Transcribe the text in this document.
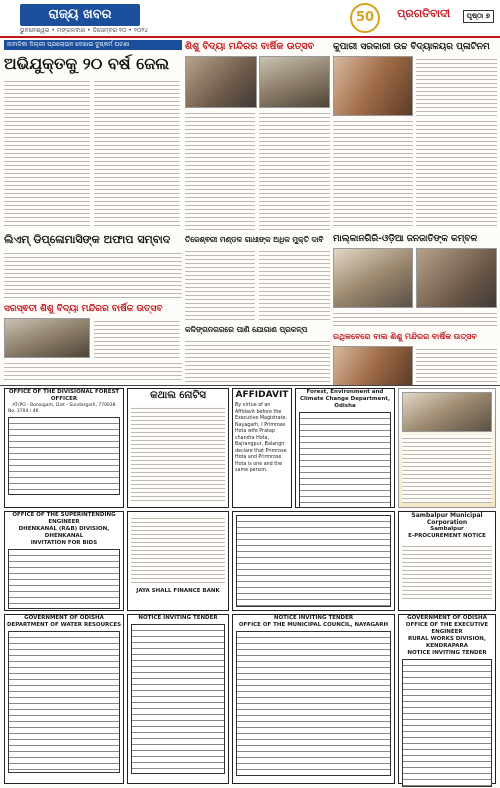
ରାଜ୍ୟ ଖବର
ଭୁବନେଶ୍ୱର • ମଙ୍ଗଳବାର • ଡିସେମ୍ବର ୧୦ • ୨୦୨୪
50	ପ୍ରଗତିବାଦୀ	ପୃଷ୍ଠା ୭
ନାବାଳିକା ଦିଲ୍ଲୀ ପ୍ରଲୋଭନ ଦେଖାଇ ଦୁଷ୍କର୍ମ ଘଟଣା
ଅଭିଯୁକ୍ତକୁ ୨୦ ବର୍ଷ ଜେଲ
ଲିଏମ୍ ଡିପ୍ଳୋମାସିଙ୍କ ଅଫାପ ସମ୍ବାଦ
ଶିଶୁ ବିଦ୍ୟା ମନ୍ଦିରର ବାର୍ଷିକ ଉତ୍ସବ	କୁପାରୀ ସରକାରୀ ଉଚ୍ଚ ବିଦ୍ୟାଳୟର ପ୍ଳାଟିନମ
ତିଜେଶ୍ଵରୀ ମଣ୍ଡଳ ଗାଧୀଙ୍କ ଅଧିକ ମୁକ୍ତି ଦାବି	ମାଲ୍କାନଗିରି-ଓଡ଼ିଆ ଜନଜାତିଙ୍କ କମ୍ବଳ
ସରସ୍ଵତୀ ଶିଶୁ ବିଦ୍ୟା ମନ୍ଦିରର ବାର୍ଷିକ ଉତ୍ସବ
କଳିଙ୍ଗନଗରରେ ପାଣି ଯୋଗାଣ ପ୍ରକଳ୍ପ
ରଥିକବେରେ ବାଲ ଶିଶୁ ମନ୍ଦିରର ବାର୍ଷିକ ଉତ୍ସବ
OFFICE OF THE DIVISIONAL FOREST OFFICER
AT/PO - Bonaigarh, Dist - Sundargarh, 770038
No. 3704 / 4K
କଥାଲ ନୋଟିସ	AFFIDAVIT
By virtue of an Affidavit before the Executive Magistrate, Nayagarh, I Primrose Hota wife Pratap chandra Hota, Bajrangpur, Balangir declare that Primrose Hota and Prirmrose Hota is one and the same person.
Forest, Environment and Climate Change Department, Odisha
OFFICE OF THE SUPERINTENDING ENGINEER
DHENKANAL (R&B) DIVISION, DHENKANAL
INVITATION FOR BIDS
JAYA SHALL FINANCE BANK
Sambalpur Municipal Corporation
Sambalpur
E-PROCUREMENT NOTICE
GOVERNMENT OF ODISHA
DEPARTMENT OF WATER RESOURCES
NOTICE INVITING TENDER	NOTICE INVITING TENDER
OFFICE OF THE MUNICIPAL COUNCIL, NAYAGARH
GOVERNMENT OF ODISHA
OFFICE OF THE EXECUTIVE ENGINEER
RURAL WORKS DIVISION, KENDRAPARA
NOTICE INVITING TENDER
